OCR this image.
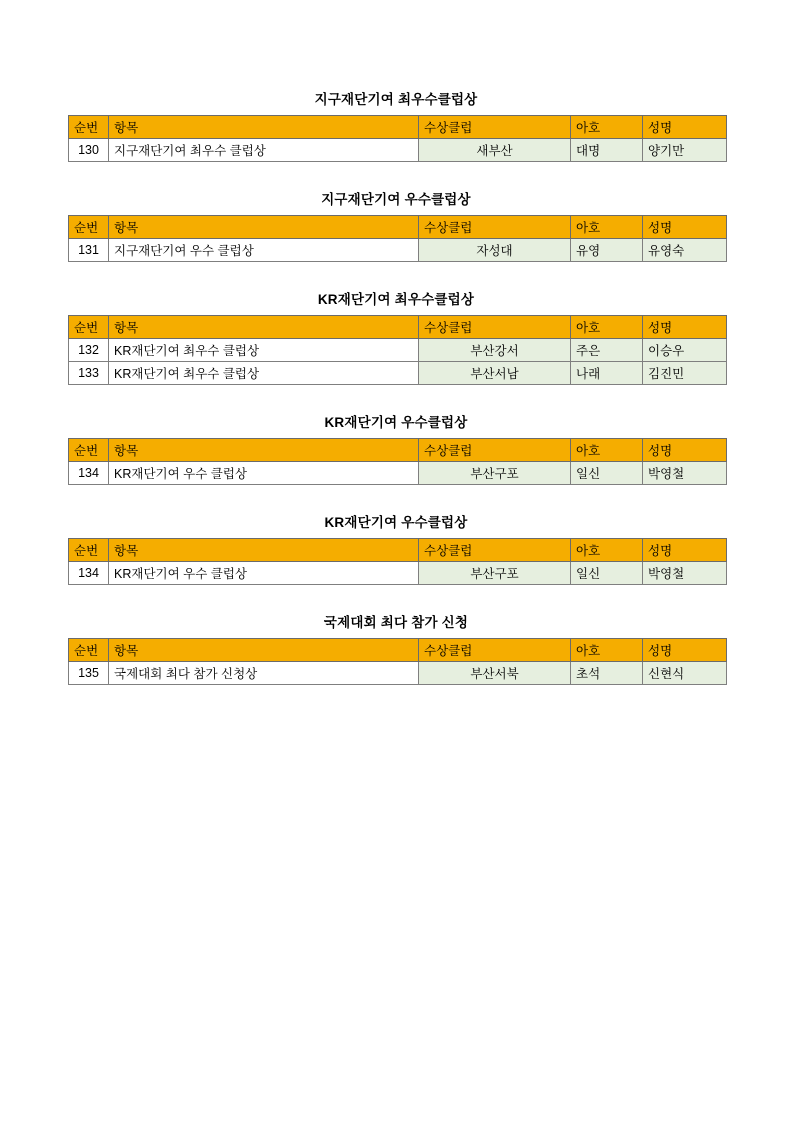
지구재단기여 최우수클럽상
순번	항목	수상클럽	아호	성명
130	지구재단기여 최우수 클럽상	새부산	대명	양기만
지구재단기여 우수클럽상
순번	항목	수상클럽	아호	성명
131	지구재단기여 우수 클럽상	자성대	유영	유영숙
KR재단기여 최우수클럽상
순번	항목	수상클럽	아호	성명
132	KR재단기여 최우수 클럽상	부산강서	주은	이승우
133	KR재단기여 최우수 클럽상	부산서남	나래	김진민
KR재단기여 우수클럽상
순번	항목	수상클럽	아호	성명
134	KR재단기여 우수 클럽상	부산구포	일신	박영철
KR재단기여 우수클럽상
순번	항목	수상클럽	아호	성명
134	KR재단기여 우수 클럽상	부산구포	일신	박영철
국제대회 최다 참가 신청
순번	항목	수상클럽	아호	성명
135	국제대회 최다 참가 신청상	부산서북	초석	신현식
